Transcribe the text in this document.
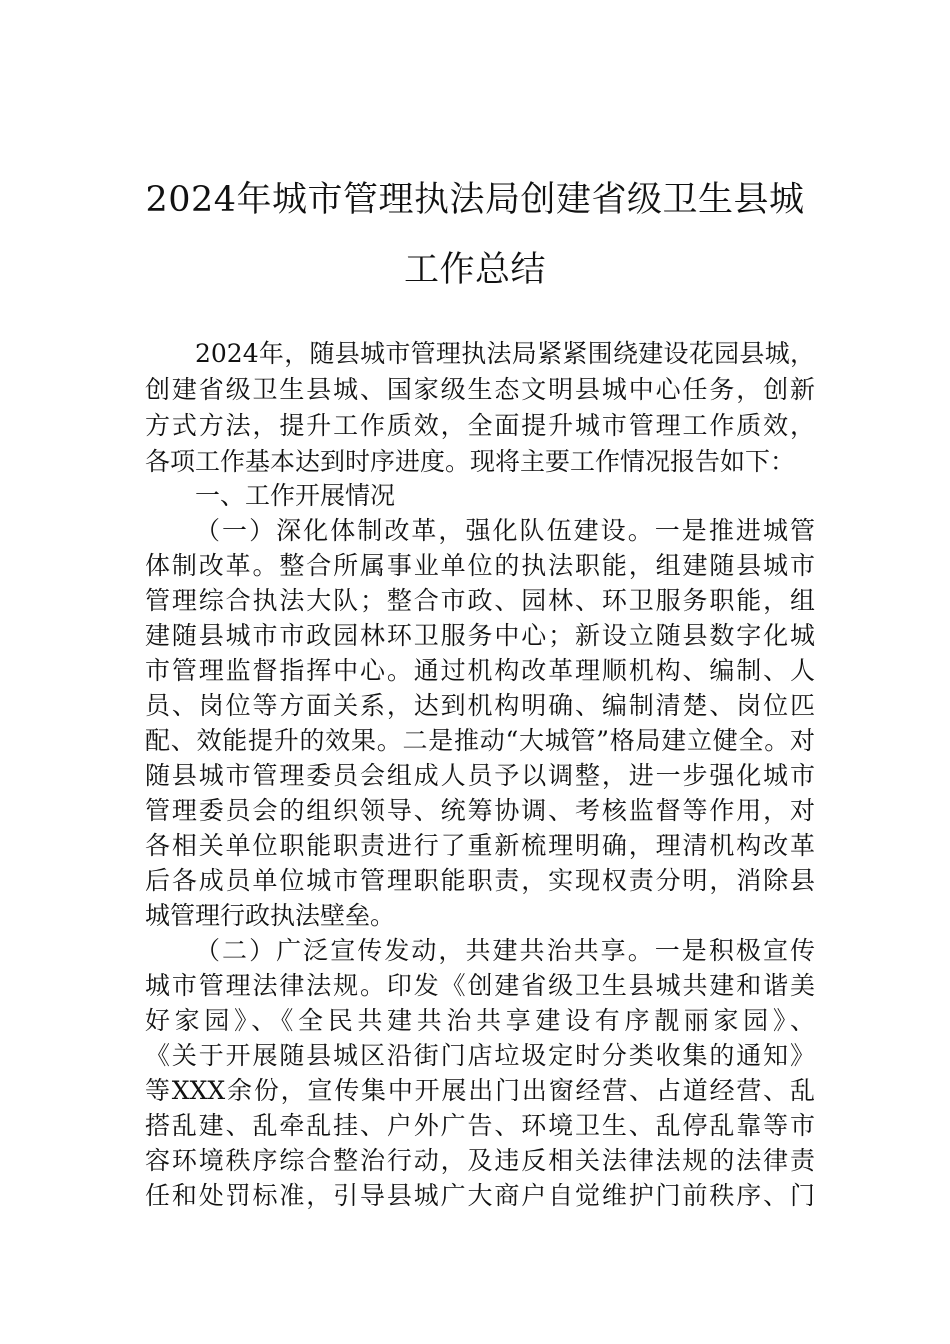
2024年城市管理执法局创建省级卫生县城
工作总结
2024年，随县城市管理执法局紧紧围绕建设花园县城，
创建省级卫生县城、国家级生态文明县城中心任务，创新
方式方法，提升工作质效，全面提升城市管理工作质效，
各项工作基本达到时序进度。现将主要工作情况报告如下：
一、工作开展情况
（一）深化体制改革，强化队伍建设。一是推进城管
体制改革。整合所属事业单位的执法职能，组建随县城市
管理综合执法大队；整合市政、园林、环卫服务职能，组
建随县城市市政园林环卫服务中心；新设立随县数字化城
市管理监督指挥中心。通过机构改革理顺机构、编制、人
员、岗位等方面关系，达到机构明确、编制清楚、岗位匹
配、效能提升的效果。二是推动“大城管”格局建立健全。对
随县城市管理委员会组成人员予以调整，进一步强化城市
管理委员会的组织领导、统筹协调、考核监督等作用，对
各相关单位职能职责进行了重新梳理明确，理清机构改革
后各成员单位城市管理职能职责，实现权责分明，消除县
城管理行政执法壁垒。
（二）广泛宣传发动，共建共治共享。一是积极宣传
城市管理法律法规。印发《创建省级卫生县城共建和谐美
好家园》、《全民共建共治共享建设有序靓丽家园》、
《关于开展随县城区沿街门店垃圾定时分类收集的通知》
等XXX余份，宣传集中开展出门出窗经营、占道经营、乱
搭乱建、乱牵乱挂、户外广告、环境卫生、乱停乱靠等市
容环境秩序综合整治行动，及违反相关法律法规的法律责
任和处罚标准，引导县城广大商户自觉维护门前秩序、门
